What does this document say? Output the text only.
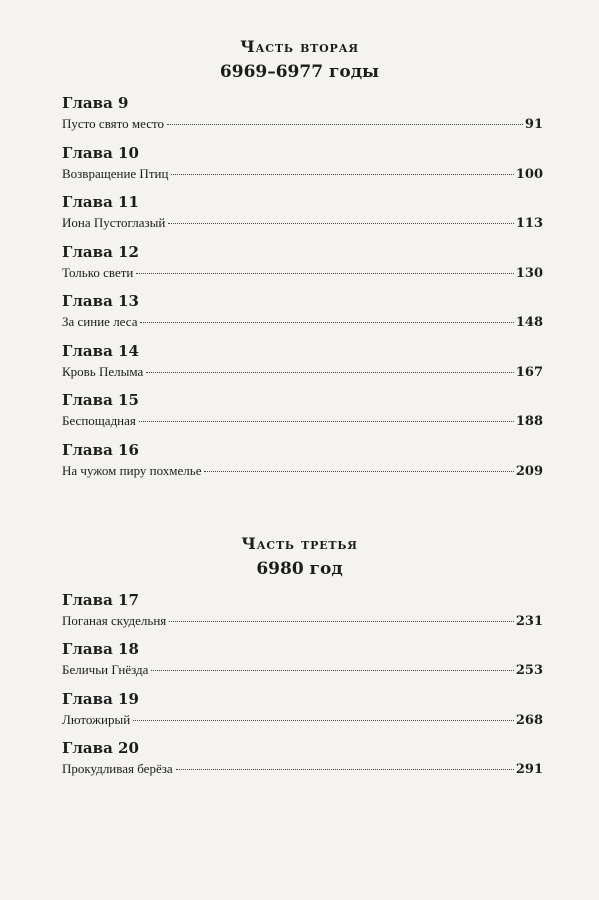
Часть вторая
6969–6977 годы
Глава 9
Пусто свято место	91
Глава 10
Возвращение Птиц	100
Глава 11
Иона Пустоглазый	113
Глава 12
Только свети	130
Глава 13
За синие леса	148
Глава 14
Кровь Пелыма	167
Глава 15
Беспощадная	188
Глава 16
На чужом пиру похмелье	209
Часть третья
6980 год
Глава 17
Поганая скудельня	231
Глава 18
Беличьи Гнёзда	253
Глава 19
Лютожирый	268
Глава 20
Прокудливая берёза	291
